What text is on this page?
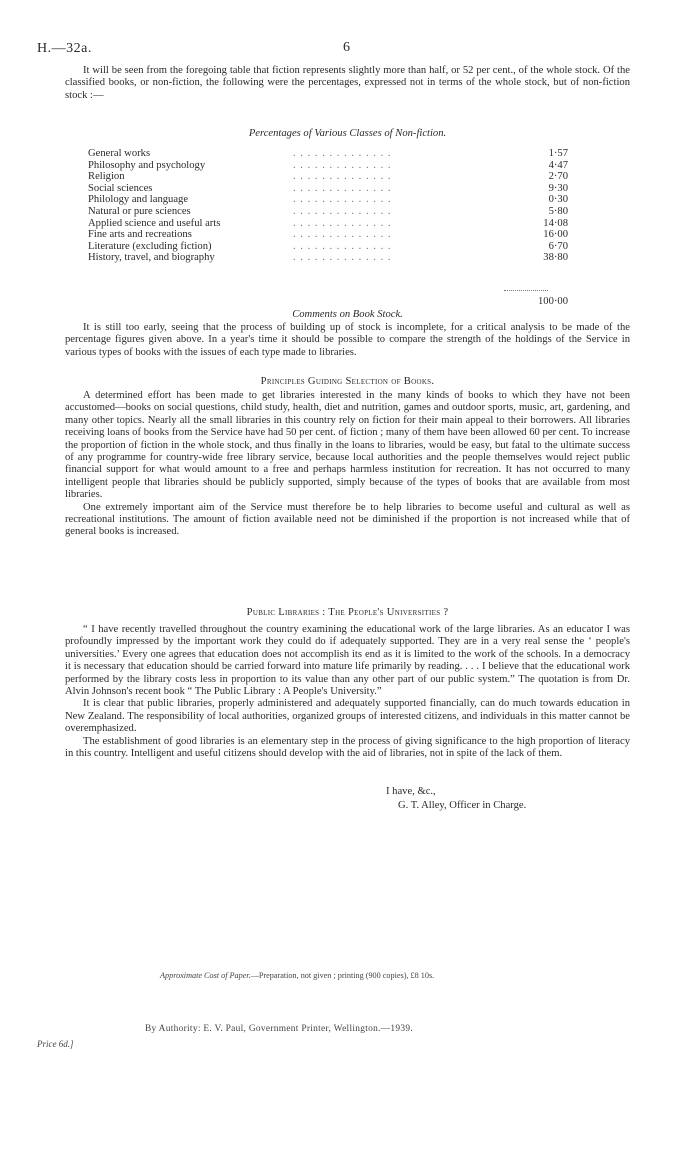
H.—32a.	6

It will be seen from the foregoing table that fiction represents slightly more than half, or 52 per cent., of the whole stock. Of the classified books, or non-fiction, the following were the percentages, expressed not in terms of the whole stock, but of non-fiction stock :—

Percentages of Various Classes of Non-fiction.
General works	. . . . . . . . . . . . . .	1·57
Philosophy and psychology	. . . . . . . . . . . . . .	4·47
Religion	. . . . . . . . . . . . . .	2·70
Social sciences	. . . . . . . . . . . . . .	9·30
Philology and language	. . . . . . . . . . . . . .	0·30
Natural or pure sciences	. . . . . . . . . . . . . .	5·80
Applied science and useful arts	. . . . . . . . . . . . . .	14·08
Fine arts and recreations	. . . . . . . . . . . . . .	16·00
Literature (excluding fiction)	. . . . . . . . . . . . . .	6·70
History, travel, and biography	. . . . . . . . . . . . . .	38·80
100·00
Comments on Book Stock.

It is still too early, seeing that the process of building up of stock is incomplete, for a critical analysis to be made of the percentage figures given above. In a year's time it should be possible to compare the strength of the holdings of the Service in various types of books with the issues of each type made to libraries.

Principles Guiding Selection of Books.

A determined effort has been made to get libraries interested in the many kinds of books to which they have not been accustomed—books on social questions, child study, health, diet and nutrition, games and outdoor sports, music, art, gardening, and many other topics. Nearly all the small libraries in this country rely on fiction for their main appeal to their borrowers. All libraries receiving loans of books from the Service have had 50 per cent. of fiction ; many of them have been allowed 60 per cent. To increase the proportion of fiction in the whole stock, and thus finally in the loans to libraries, would be easy, but fatal to the ultimate success of any programme for country-wide free library service, because local authorities and the people themselves would reject public financial support for what would amount to a free and perhaps harmless institution for recreation. It has not occurred to many intelligent people that libraries should be publicly supported, simply because of the types of books that are available from most libraries.

One extremely important aim of the Service must therefore be to help libraries to become useful and cultural as well as recreational institutions. The amount of fiction available need not be diminished if the proportion is not increased while that of general books is increased.

Public Libraries : The People's Universities ?

“ I have recently travelled throughout the country examining the educational work of the large libraries. As an educator I was profoundly impressed by the important work they could do if adequately supported. They are in a very real sense the ‘ people's universities.’ Every one agrees that education does not accomplish its end as it is limited to the work of the schools. In a democracy it is necessary that education should be carried forward into mature life primarily by reading. . . . I believe that the educational work performed by the library costs less in proportion to its value than any other part of our public system.” The quotation is from Dr. Alvin Johnson's recent book “ The Public Library : A People's University.”

It is clear that public libraries, properly administered and adequately supported financially, can do much towards education in New Zealand. The responsibility of local authorities, organized groups of interested citizens, and individuals in this matter cannot be overemphasized.

The establishment of good libraries is an elementary step in the process of giving significance to the high proportion of literacy in this country. Intelligent and useful citizens should develop with the aid of libraries, not in spite of the lack of them.

I have, &c.,
G. T. Alley, Officer in Charge.
Approximate Cost of Paper.—Preparation, not given ; printing (900 copies), £8 10s.
By Authority: E. V. Paul, Government Printer, Wellington.—1939.
Price 6d.]
